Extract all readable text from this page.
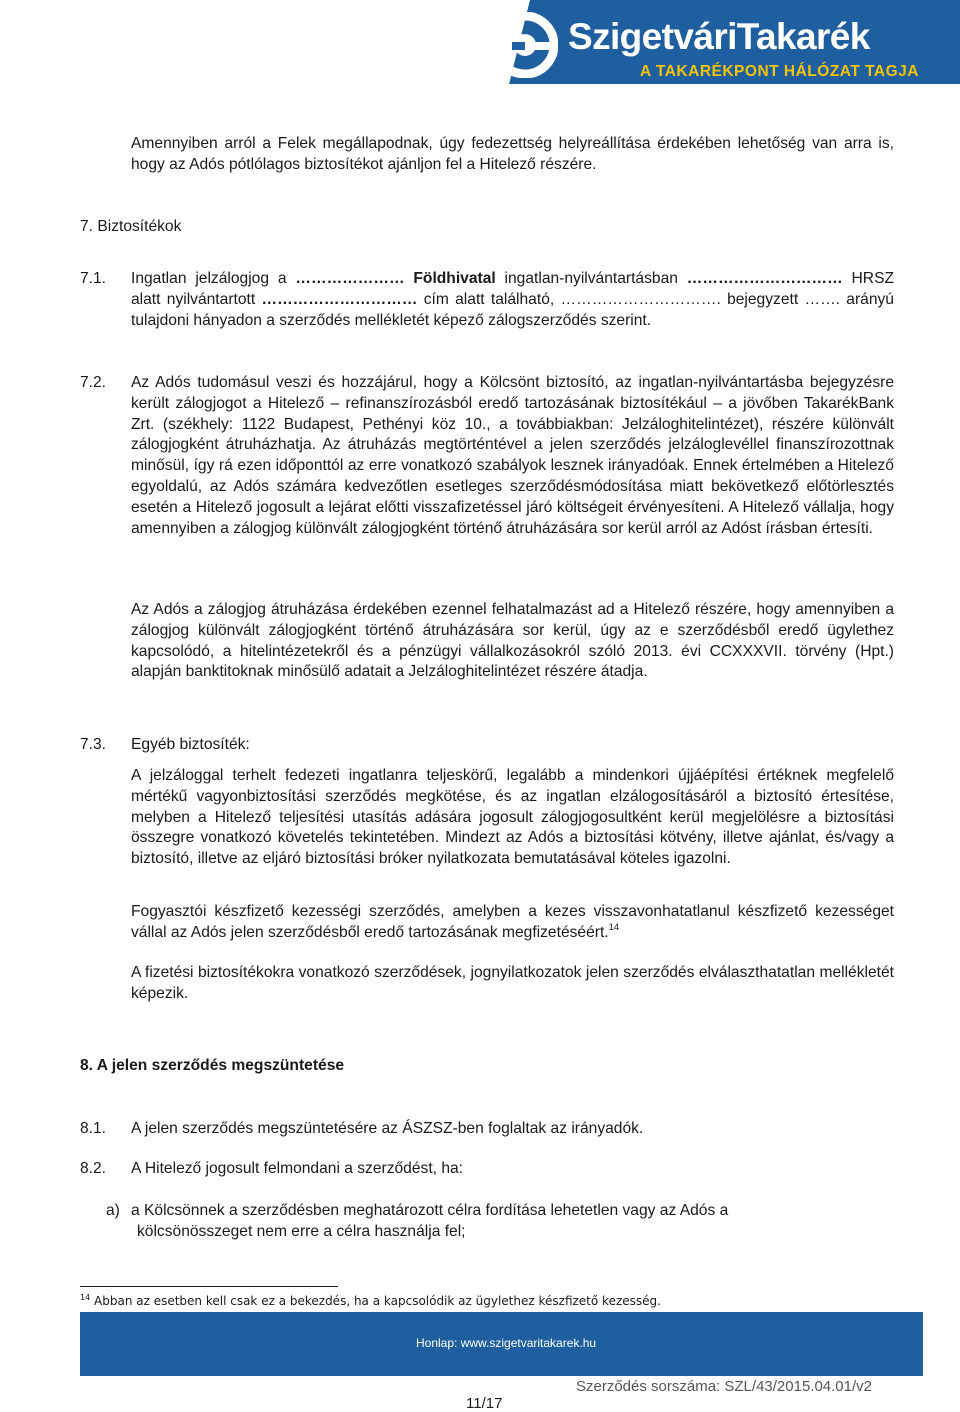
SzigetváriTakarék
A TAKARÉKPONT HÁLÓZAT TAGJA

Amennyiben arról a Felek megállapodnak, úgy fedezettség helyreállítása érdekében lehetőség van arra is, hogy az Adós pótlólagos biztosítékot ajánljon fel a Hitelező részére.

7. Biztosítékok

7.1. Ingatlan jelzálogjog a ………………… Földhivatal ingatlan-nyilvántartásban ………………………… HRSZ alatt nyilvántartott ………………………… cím alatt található, …………………………. bejegyzett ……. arányú tulajdoni hányadon a szerződés mellékletét képező zálogszerződés szerint.

7.2. Az Adós tudomásul veszi és hozzájárul, hogy a Kölcsönt biztosító, az ingatlan-nyilvántartásba bejegyzésre került zálogjogot a Hitelező – refinanszírozásból eredő tartozásának biztosítékául – a jövőben TakarékBank Zrt. (székhely: 1122 Budapest, Pethényi köz 10., a továbbiakban: Jelzáloghitelintézet), részére különvált zálogjogként átruházhatja. Az átruházás megtörténtével a jelen szerződés jelzáloglevéllel finanszírozottnak minősül, így rá ezen időponttól az erre vonatkozó szabályok lesznek irányadóak. Ennek értelmében a Hitelező egyoldalú, az Adós számára kedvezőtlen esetleges szerződésmódosítása miatt bekövetkező előtörlesztés esetén a Hitelező jogosult a lejárat előtti visszafizetéssel járó költségeit érvényesíteni. A Hitelező vállalja, hogy amennyiben a zálogjog különvált zálogjogként történő átruházására sor kerül arról az Adóst írásban értesíti.

Az Adós a zálogjog átruházása érdekében ezennel felhatalmazást ad a Hitelező részére, hogy amennyiben a zálogjog különvált zálogjogként történő átruházására sor kerül, úgy az e szerződésből eredő ügylethez kapcsolódó, a hitelintézetekről és a pénzügyi vállalkozásokról szóló 2013. évi CCXXXVII. törvény (Hpt.) alapján banktitoknak minősülő adatait a Jelzáloghitelintézet részére átadja.

7.3. Egyéb biztosíték:

A jelzáloggal terhelt fedezeti ingatlanra teljeskörű, legalább a mindenkori újjáépítési értéknek megfelelő mértékű vagyonbiztosítási szerződés megkötése, és az ingatlan elzálogosításáról a biztosító értesítése, melyben a Hitelező teljesítési utasítás adására jogosult zálogjogosultként kerül megjelölésre a biztosítási összegre vonatkozó követelés tekintetében. Mindezt az Adós a biztosítási kötvény, illetve ajánlat, és/vagy a biztosító, illetve az eljáró biztosítási bróker nyilatkozata bemutatásával köteles igazolni.

Fogyasztói készfizető kezességi szerződés, amelyben a kezes visszavonhatatlanul készfizető kezességet vállal az Adós jelen szerződésből eredő tartozásának megfizetéséért.$^{14}$

A fizetési biztosítékokra vonatkozó szerződések, jognyilatkozatok jelen szerződés elválaszthatatlan mellékletét képezik.

8. A jelen szerződés megszüntetése

8.1. A jelen szerződés megszüntetésére az ÁSZSZ-ben foglaltak az irányadók.

8.2. A Hitelező jogosult felmondani a szerződést, ha:

a) a Kölcsönnek a szerződésben meghatározott célra fordítása lehetetlen vagy az Adós a
kölcsönösszeget nem erre a célra használja fel;

$^{14}$ Abban az esetben kell csak ez a bekezdés, ha a kapcsolódik az ügylethez készfizető kezesség.
Honlap: www.szigetvaritakarek.hu
Szerződés sorszáma: SZL/43/2015.04.01/v2
11/17
